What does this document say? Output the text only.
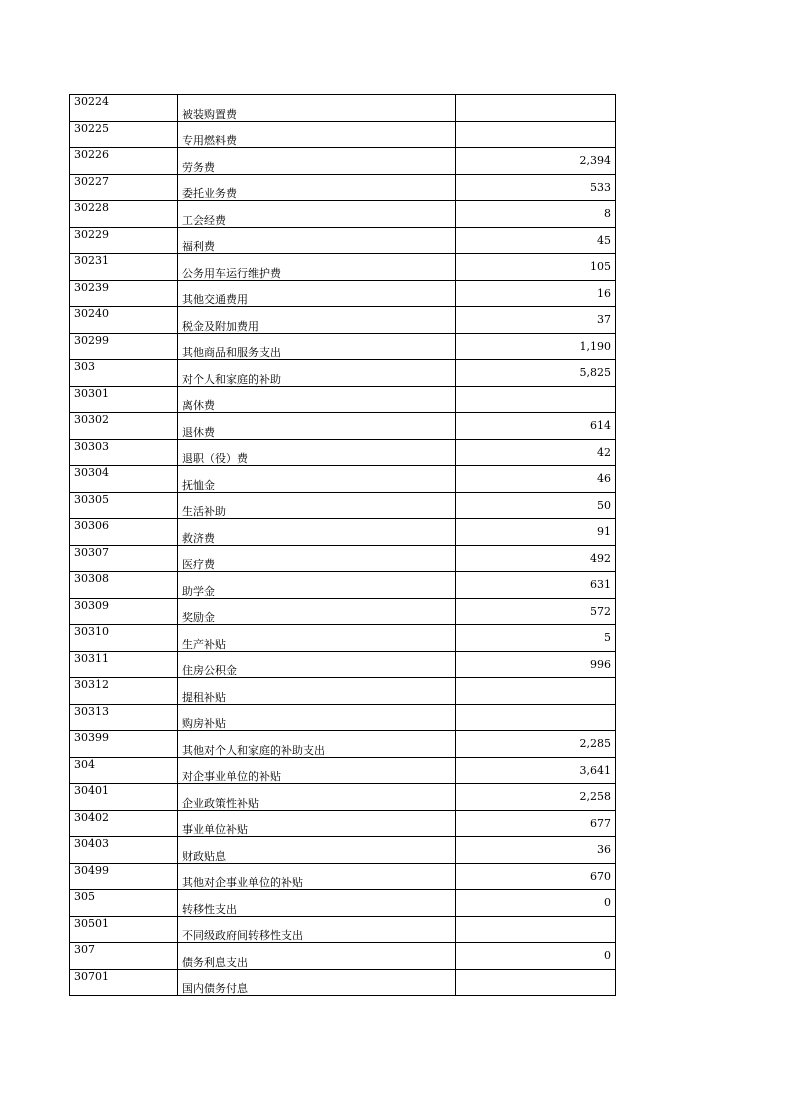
30224	被装购置费	
30225	专用燃料费	
30226	劳务费	2,394
30227	委托业务费	533
30228	工会经费	8
30229	福利费	45
30231	公务用车运行维护费	105
30239	其他交通费用	16
30240	税金及附加费用	37
30299	其他商品和服务支出	1,190
303	对个人和家庭的补助	5,825
30301	离休费	
30302	退休费	614
30303	退职（役）费	42
30304	抚恤金	46
30305	生活补助	50
30306	救济费	91
30307	医疗费	492
30308	助学金	631
30309	奖励金	572
30310	生产补贴	5
30311	住房公积金	996
30312	提租补贴	
30313	购房补贴	
30399	其他对个人和家庭的补助支出	2,285
304	对企事业单位的补贴	3,641
30401	企业政策性补贴	2,258
30402	事业单位补贴	677
30403	财政贴息	36
30499	其他对企事业单位的补贴	670
305	转移性支出	0
30501	不同级政府间转移性支出	
307	债务利息支出	0
30701	国内债务付息	
